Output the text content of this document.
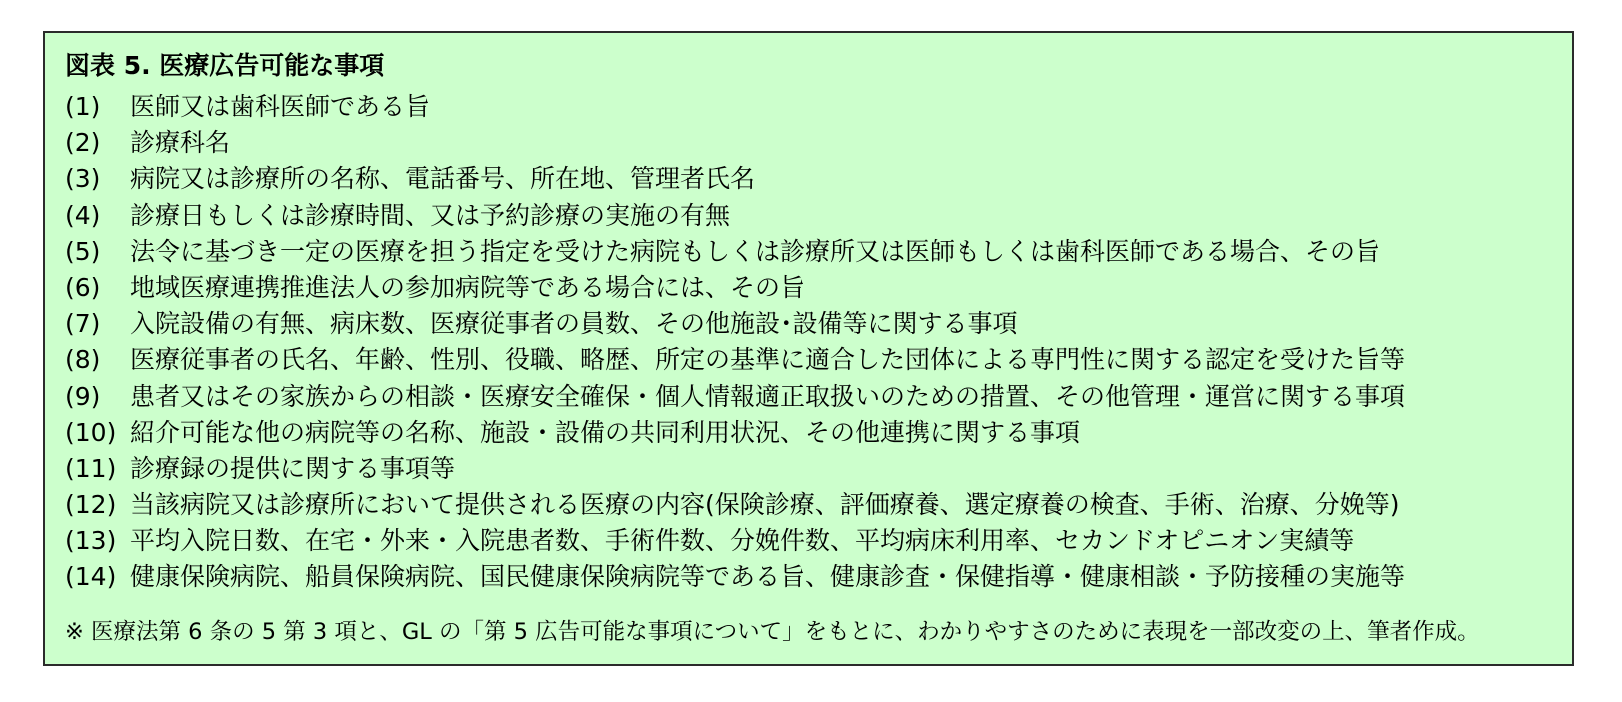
図表 5. 医療広告可能な事項
(1) 医師又は歯科医師である旨
(2) 診療科名
(3) 病院又は診療所の名称、電話番号、所在地、管理者氏名
(4) 診療日もしくは診療時間、又は予約診療の実施の有無
(5) 法令に基づき一定の医療を担う指定を受けた病院もしくは診療所又は医師もしくは歯科医師である場合、その旨
(6) 地域医療連携推進法人の参加病院等である場合には、その旨
(7) 入院設備の有無、病床数、医療従事者の員数、その他施設･設備等に関する事項
(8) 医療従事者の氏名、年齢、性別、役職、略歴、所定の基準に適合した団体による専門性に関する認定を受けた旨等
(9) 患者又はその家族からの相談・医療安全確保・個人情報適正取扱いのための措置、その他管理・運営に関する事項
(10) 紹介可能な他の病院等の名称、施設・設備の共同利用状況、その他連携に関する事項
(11) 診療録の提供に関する事項等
(12) 当該病院又は診療所において提供される医療の内容(保険診療、評価療養、選定療養の検査、手術、治療、分娩等)
(13) 平均入院日数、在宅・外来・入院患者数、手術件数、分娩件数、平均病床利用率、セカンドオピニオン実績等
(14) 健康保険病院、船員保険病院、国民健康保険病院等である旨、健康診査・保健指導・健康相談・予防接種の実施等
※ 医療法第 6 条の 5 第 3 項と、GL の「第 5 広告可能な事項について」をもとに、わかりやすさのために表現を一部改変の上、筆者作成。
